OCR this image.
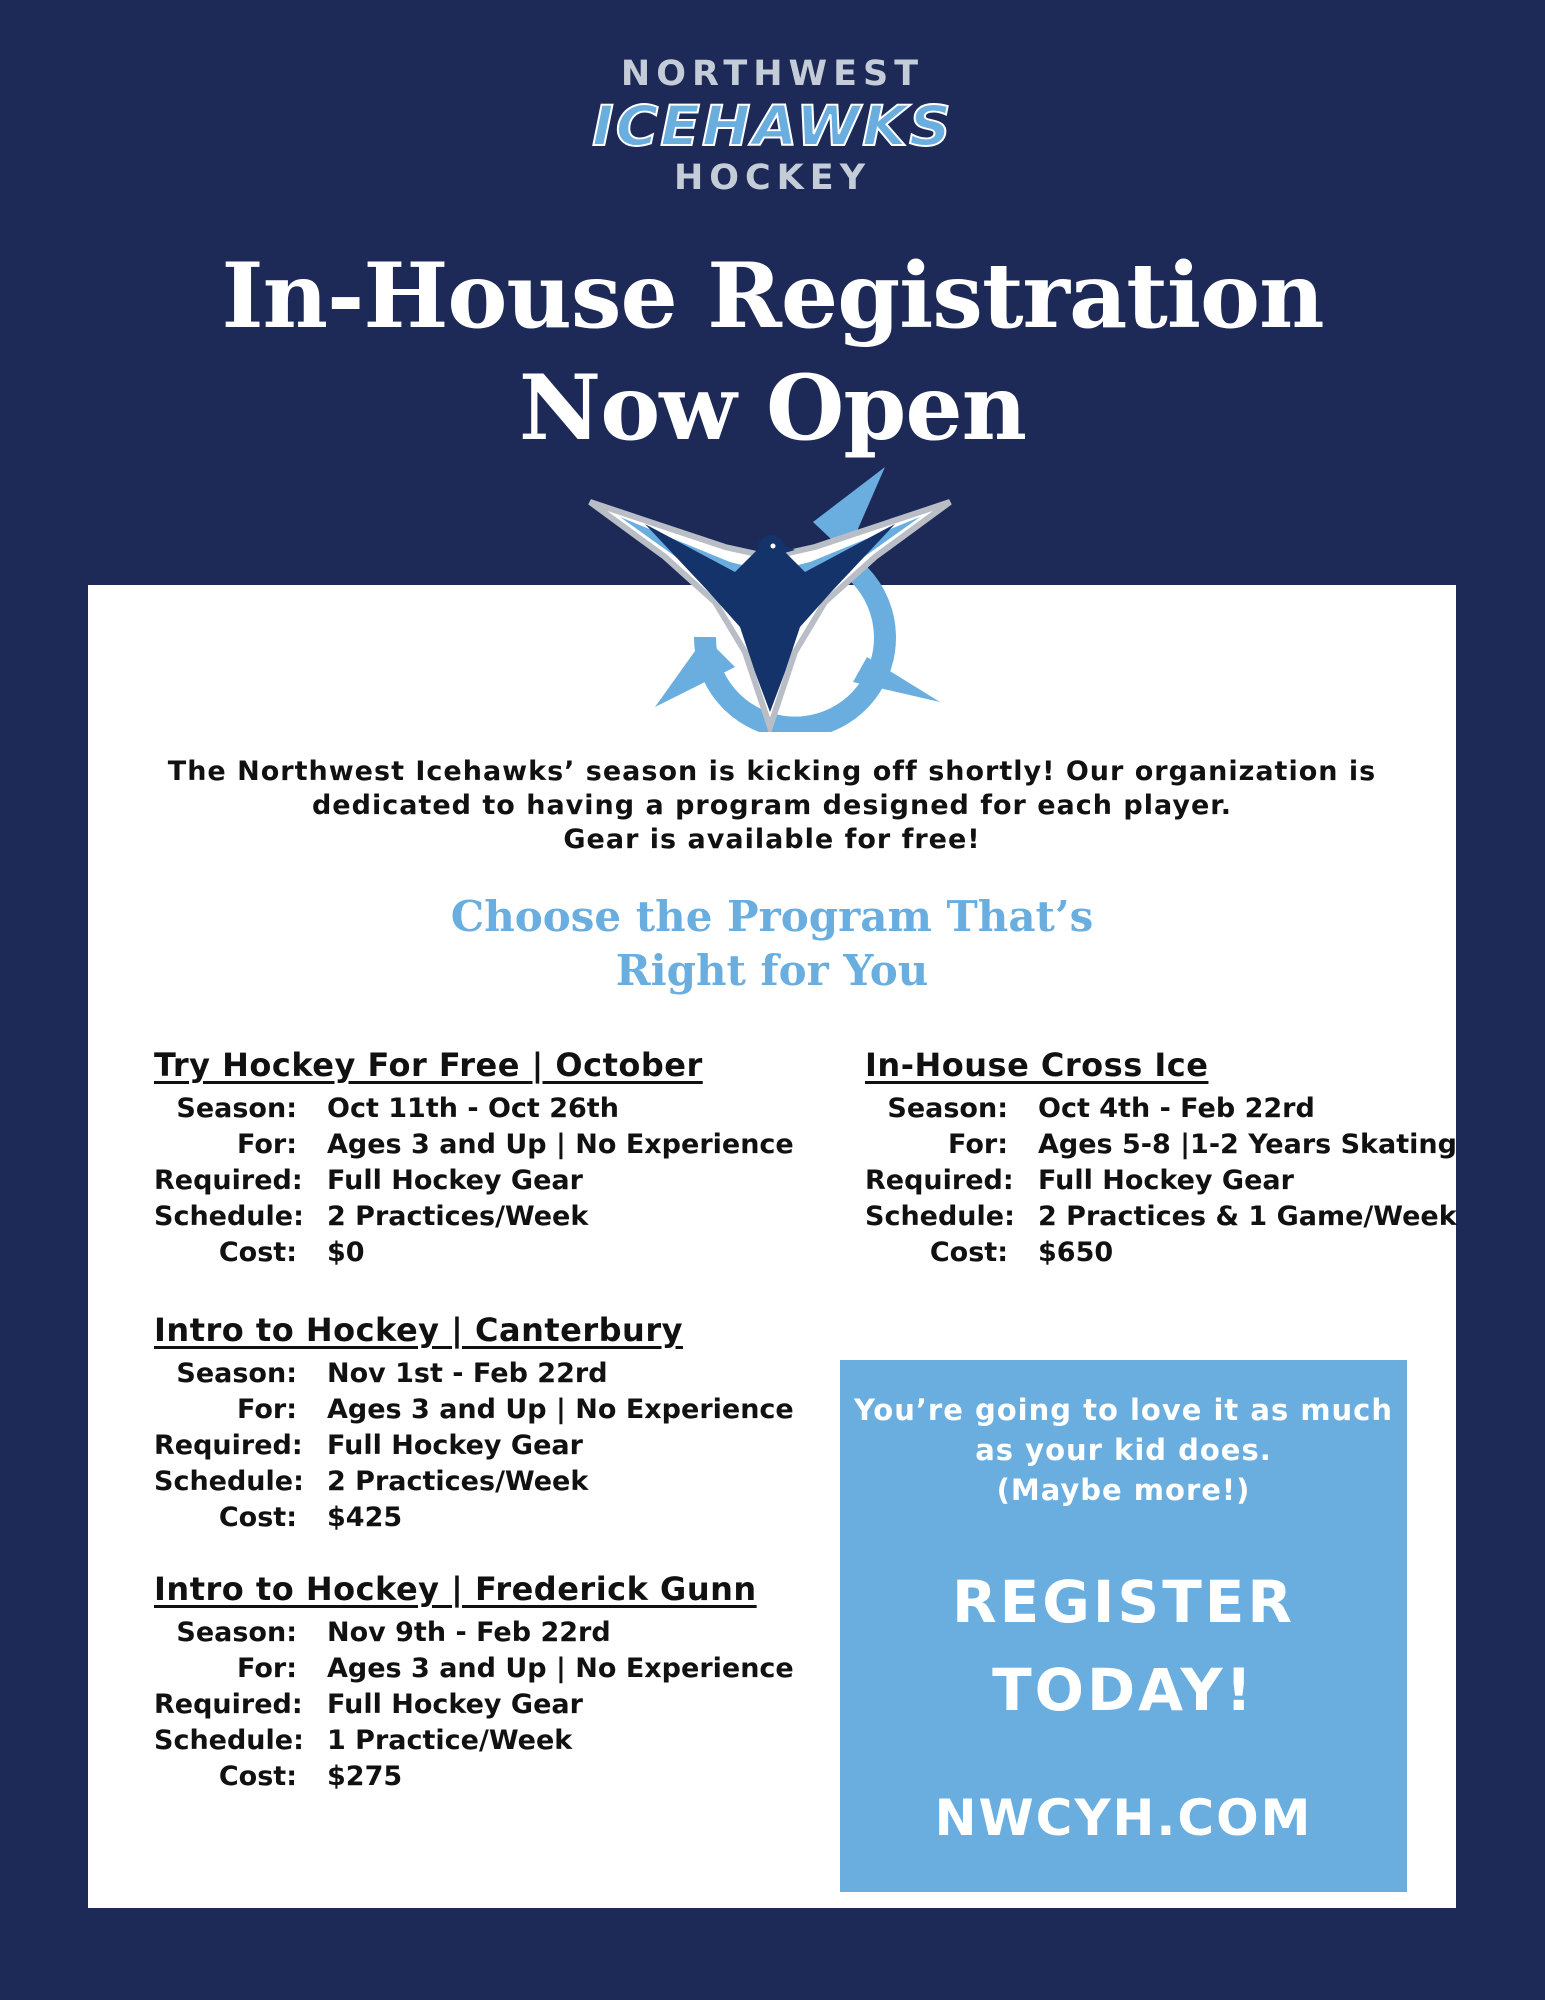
NORTHWEST
ICEHAWKS
HOCKEY
In-House Registration
Now Open
The Northwest Icehawks’ season is kicking off shortly! Our organization is
dedicated to having a program designed for each player.
Gear is available for free!
Choose the Program That’s
Right for You
Try Hockey For Free | October
Season: Oct 11th - Oct 26th
For: Ages 3 and Up | No Experience
Required: Full Hockey Gear
Schedule: 2 Practices/Week
Cost: $0
In-House Cross Ice
Season: Oct 4th - Feb 22rd
For: Ages 5-8 |1-2 Years Skating
Required: Full Hockey Gear
Schedule: 2 Practices & 1 Game/Week
Cost: $650
Intro to Hockey | Canterbury
Season: Nov 1st - Feb 22rd
For: Ages 3 and Up | No Experience
Required: Full Hockey Gear
Schedule: 2 Practices/Week
Cost: $425
Intro to Hockey | Frederick Gunn
Season: Nov 9th - Feb 22rd
For: Ages 3 and Up | No Experience
Required: Full Hockey Gear
Schedule: 1 Practice/Week
Cost: $275
You’re going to love it as much
as your kid does.
(Maybe more!)
REGISTER
TODAY!
NWCYH.COM
